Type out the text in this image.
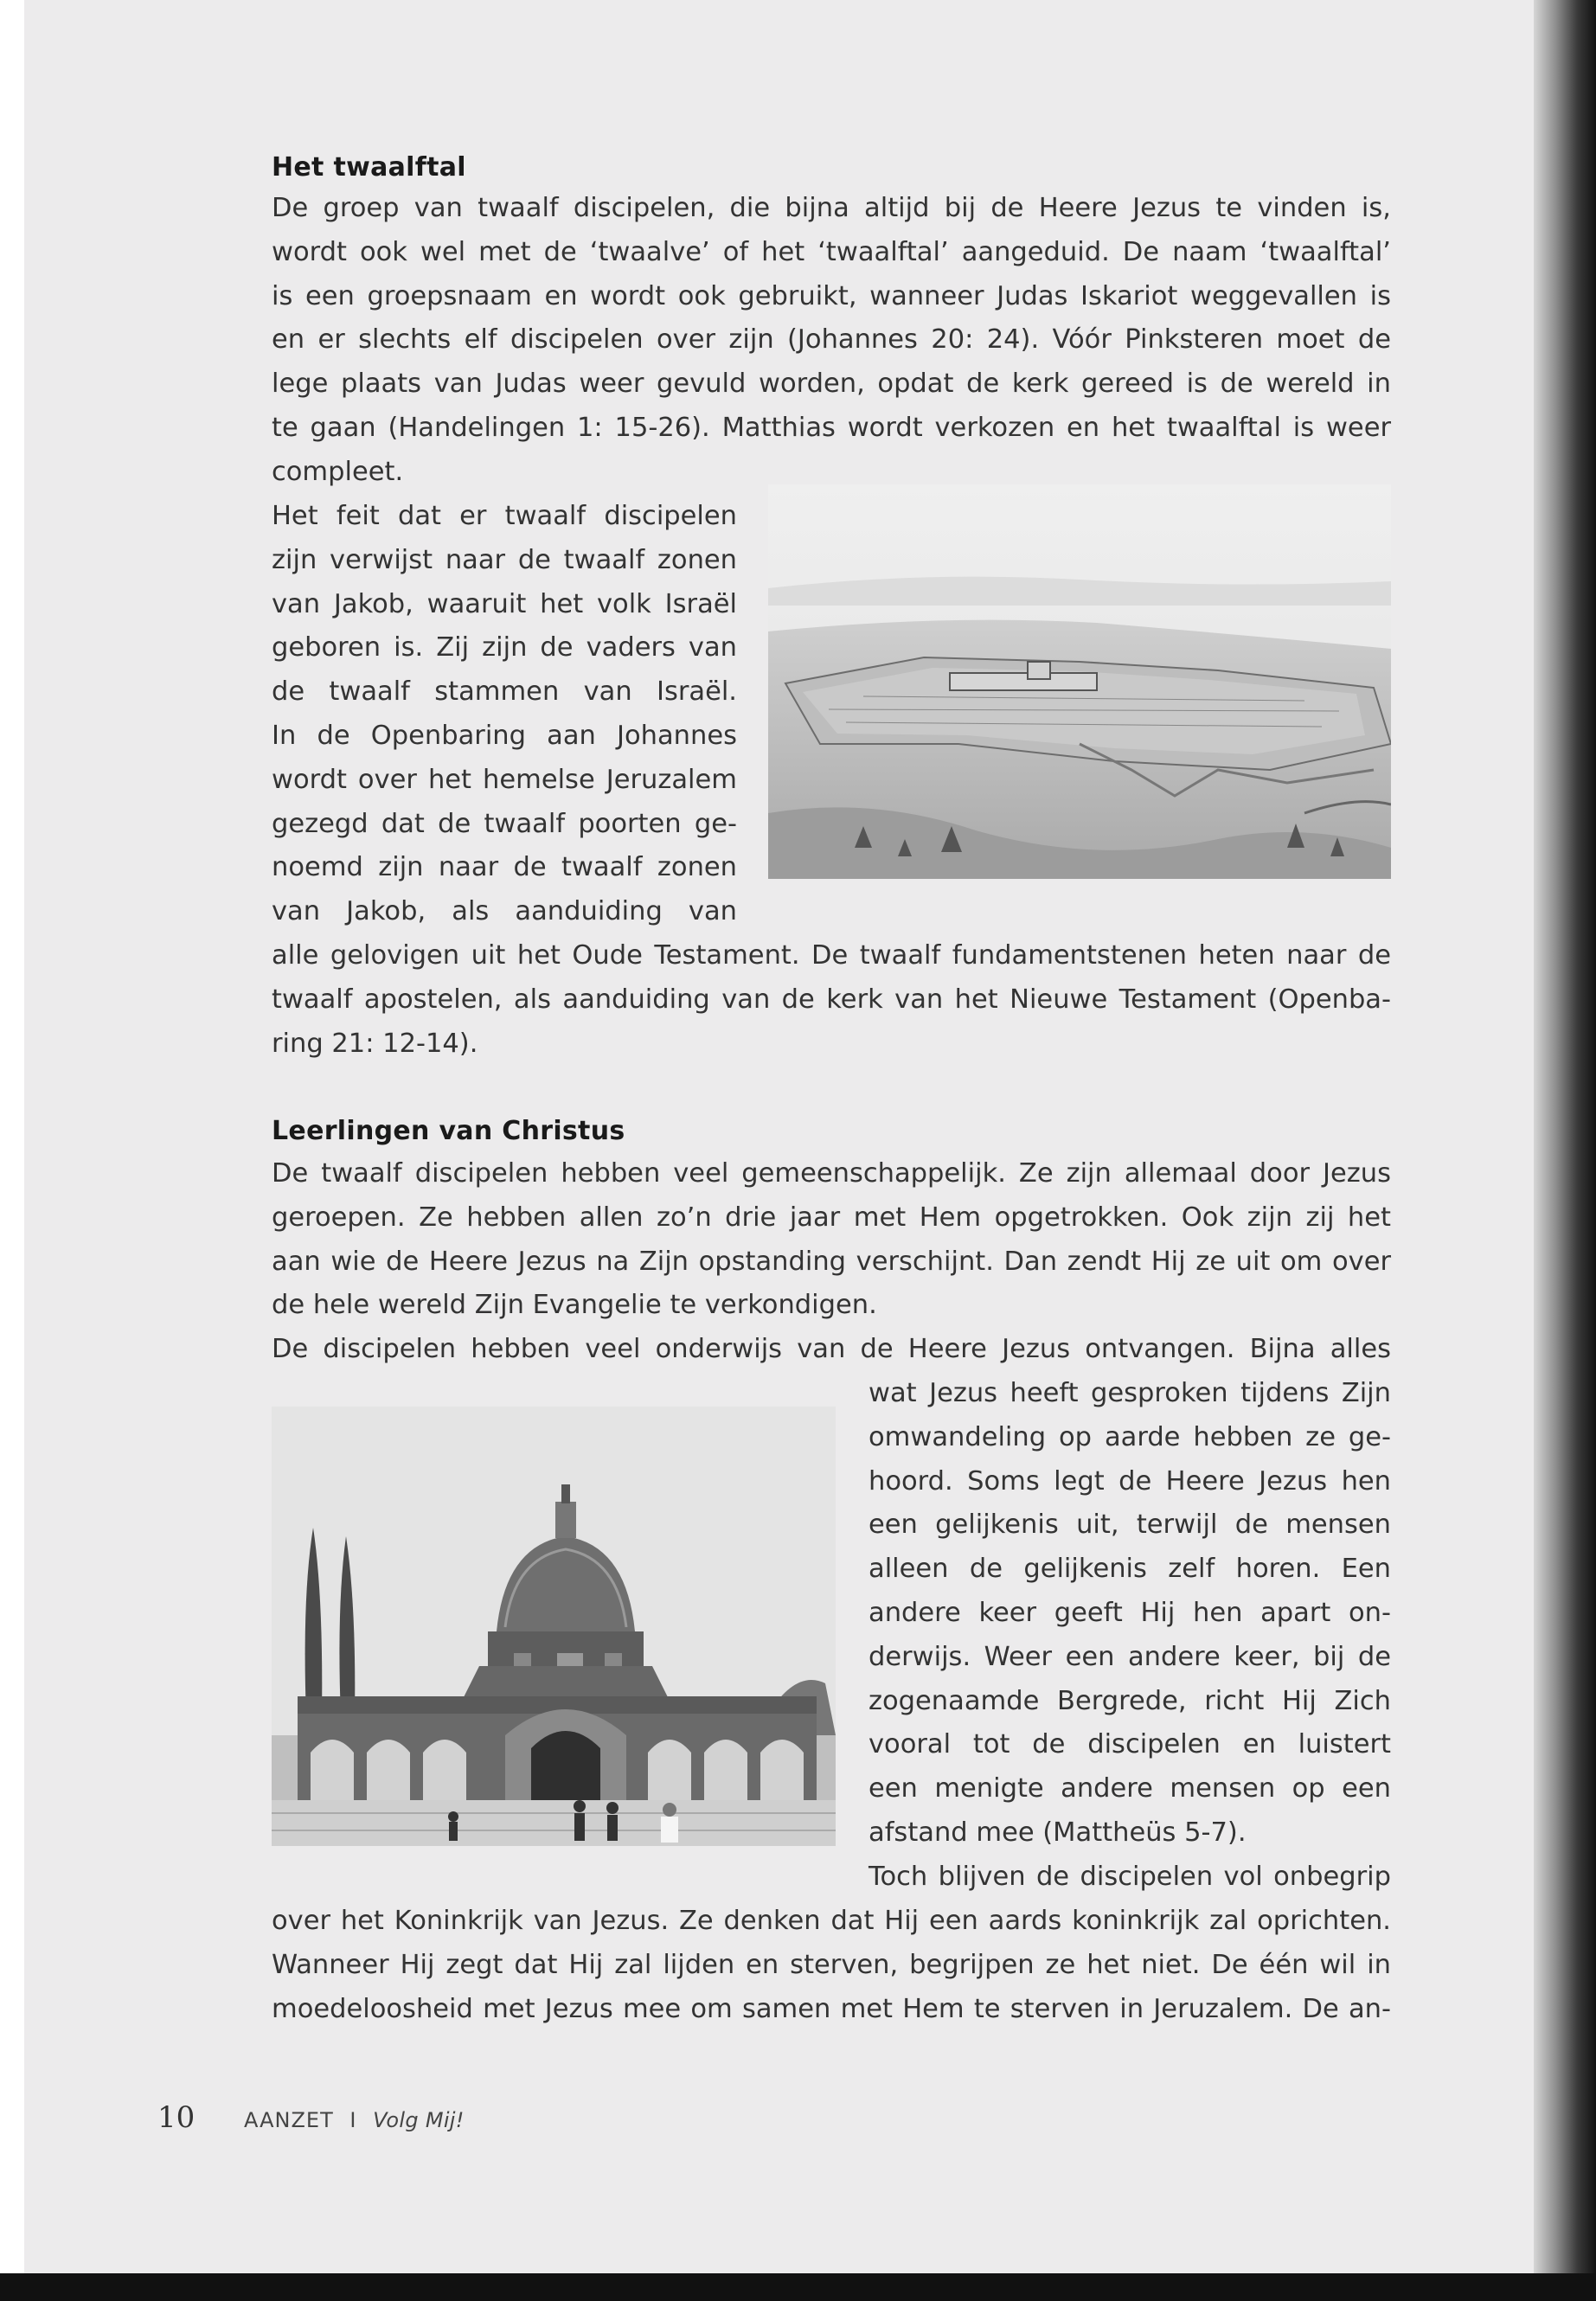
Het twaalftal

De groep van twaalf discipelen, die bijna altijd bij de Heere Jezus te vinden is,
wordt ook wel met de ‘twaalve’ of het ‘twaalftal’ aangeduid. De naam ‘twaalftal’
is een groepsnaam en wordt ook gebruikt, wanneer Judas Iskariot weggevallen is
en er slechts elf discipelen over zijn (Johannes 20: 24). Vóór Pinksteren moet de
lege plaats van Judas weer gevuld worden, opdat de kerk gereed is de wereld in
te gaan (Handelingen 1: 15-26). Matthias wordt verkozen en het twaalftal is weer
compleet.
Het feit dat er twaalf discipelen
zijn verwijst naar de twaalf zonen
van Jakob, waaruit het volk Israël
geboren is. Zij zijn de vaders van
de twaalf stammen van Israël.
In de Openbaring aan Johannes
wordt over het hemelse Jeruzalem
gezegd dat de twaalf poorten ge-
noemd zijn naar de twaalf zonen
van Jakob, als aanduiding van
alle gelovigen uit het Oude Testament. De twaalf fundamentstenen heten naar de
twaalf apostelen, als aanduiding van de kerk van het Nieuwe Testament (Openba-
ring 21: 12-14).

Leerlingen van Christus

De twaalf discipelen hebben veel gemeenschappelijk. Ze zijn allemaal door Jezus
geroepen. Ze hebben allen zo’n drie jaar met Hem opgetrokken. Ook zijn zij het
aan wie de Heere Jezus na Zijn opstanding verschijnt. Dan zendt Hij ze uit om over
de hele wereld Zijn Evangelie te verkondigen.
De discipelen hebben veel onderwijs van de Heere Jezus ontvangen. Bijna alles
wat Jezus heeft gesproken tijdens Zijn
omwandeling op aarde hebben ze ge-
hoord. Soms legt de Heere Jezus hen
een gelijkenis uit, terwijl de mensen
alleen de gelijkenis zelf horen. Een
andere keer geeft Hij hen apart on-
derwijs. Weer een andere keer, bij de
zogenaamde Bergrede, richt Hij Zich
vooral tot de discipelen en luistert
een menigte andere mensen op een
afstand mee (Mattheüs 5-7).
Toch blijven de discipelen vol onbegrip
over het Koninkrijk van Jezus. Ze denken dat Hij een aards koninkrijk zal oprichten.
Wanneer Hij zegt dat Hij zal lijden en sterven, begrijpen ze het niet. De één wil in
moedeloosheid met Jezus mee om samen met Hem te sterven in Jeruzalem. De an-
10 AANZET I Volg Mij!
